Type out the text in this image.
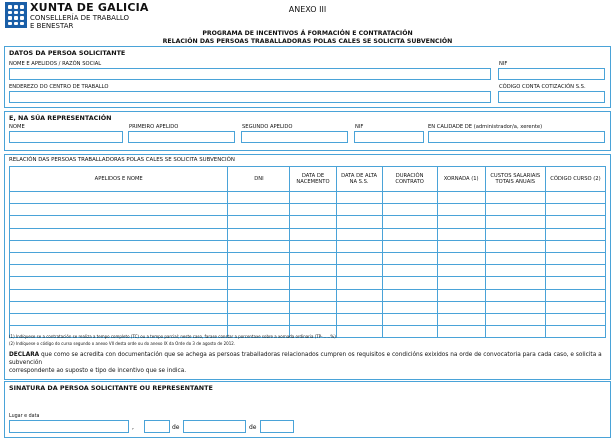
XUNTA DE GALICIA
CONSELLERÍA DE TRABALLO
E BENESTAR
ANEXO III
PROGRAMA DE INCENTIVOS Á FORMACIÓN E CONTRATACIÓN
RELACIÓN DAS PERSOAS TRABALLADORAS POLAS CALES SE SOLICITA SUBVENCIÓN
DATOS DA PERSOA SOLICITANTE
NOME E APELIDOS / RAZÓN SOCIAL	NIF
ENDEREZO DO CENTRO DE TRABALLO	CÓDIGO CONTA COTIZACIÓN S.S.
E, NA SÚA REPRESENTACIÓN
NOME	PRIMEIRO APELIDO	SEGUNDO APELIDO	NIF	EN CALIDADE DE (administrador/a, xerente)
RELACIÓN DAS PERSOAS TRABALLADORAS POLAS CALES SE SOLICITA SUBVENCIÓN
APELIDOS E NOME	DNI	DATA DE NACEMENTO	DATA DE ALTA NA S.S.	DURACIÓN CONTRATO	XORNADA (1)	CUSTOS SALARIAIS TOTAIS ANUAIS	CÓDIGO CURSO (2)

(1) Indíquese se a contratación se realiza a tempo completo (TC) ou a tempo parcial; neste caso, farase constar a porcentaxe sobre a xornada ordinaria (TP-……%).
(2) Indíquese o código do curso segundo o anexo VII desta orde ou do anexo IX da Orde do 3 de agosto de 2012.
DECLARA que como se acredita con documentación que se achega as persoas traballadoras relacionados cumpren os requisitos e condicións exixidos na orde de convocatoria para cada caso, e solicita a subvención
correspondente ao suposto e tipo de incentivo que se indica.
SINATURA DA PERSOA SOLICITANTE OU REPRESENTANTE
Lugar e data
,	de	de
